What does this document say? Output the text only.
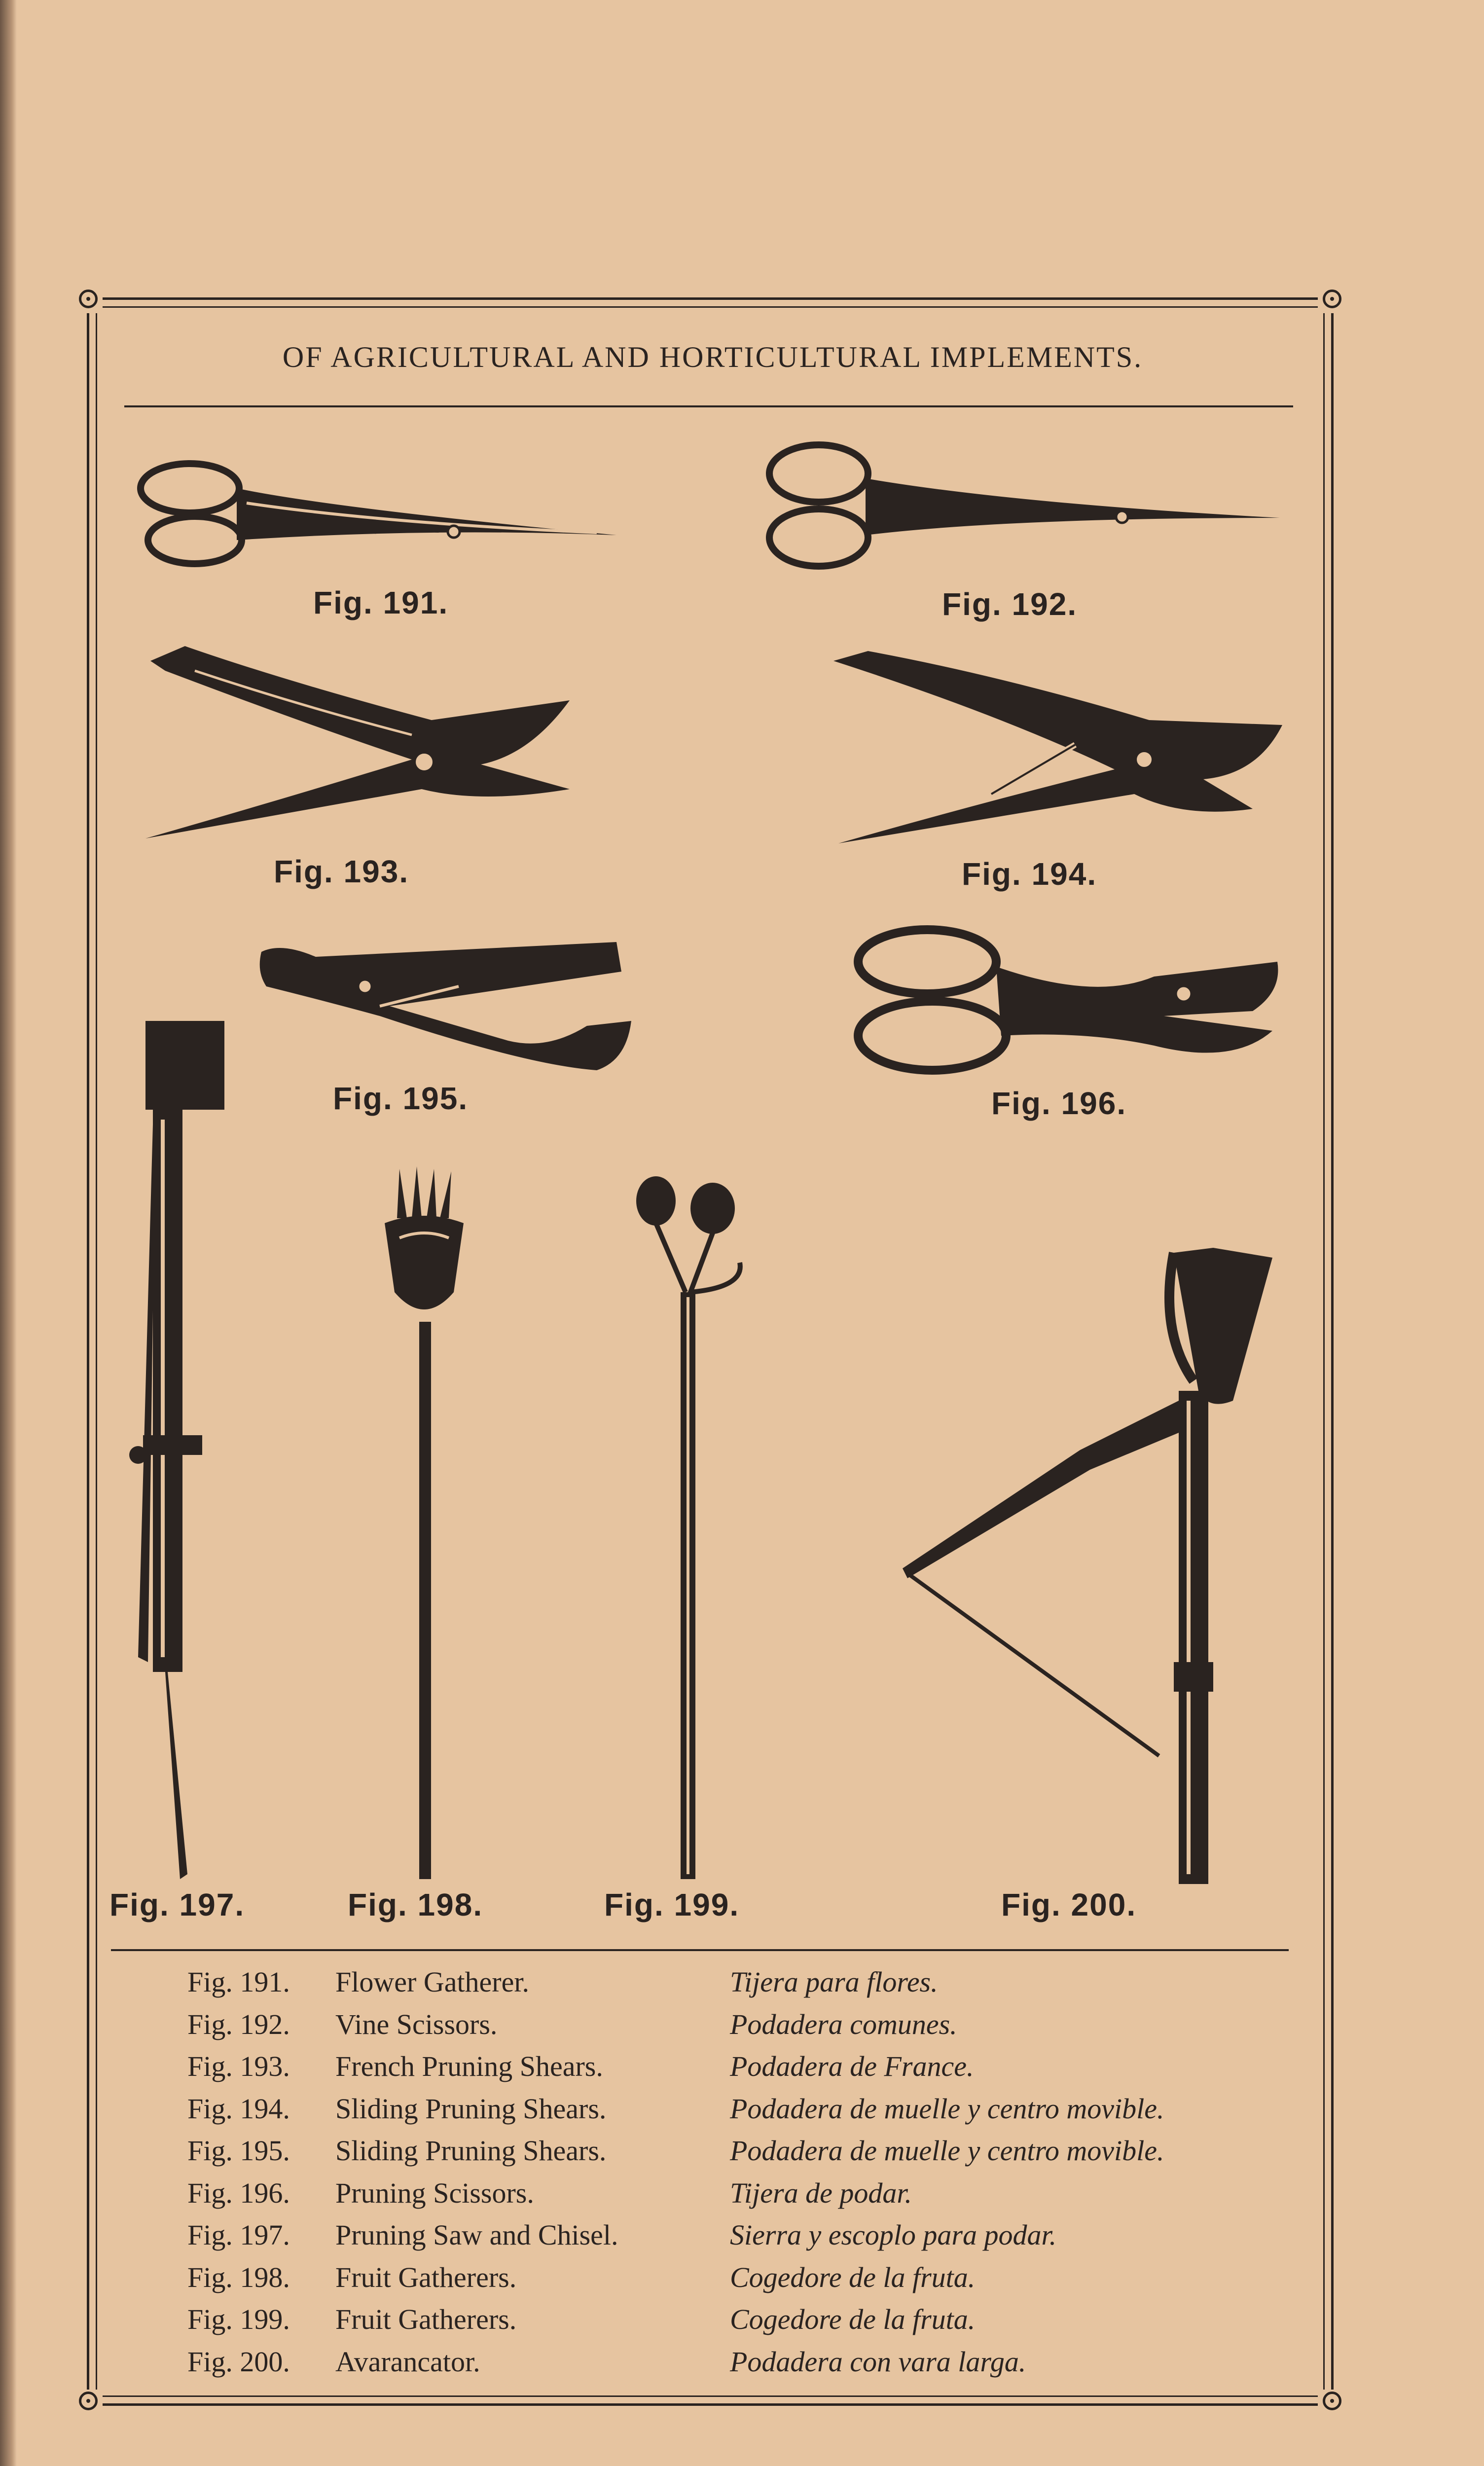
OF AGRICULTURAL AND HORTICULTURAL IMPLEMENTS.
Fig. 191.	Fig. 192.
Fig. 193.	Fig. 194.
Fig. 195.	Fig. 196.
Fig. 197.	Fig. 198.	Fig. 199.	Fig. 200.
Fig. 191. Flower Gatherer.	Tijera para flores.
Fig. 192. Vine Scissors.	Podadera comunes.
Fig. 193. French Pruning Shears.	Podadera de France.
Fig. 194. Sliding Pruning Shears.	Podadera de muelle y centro movible.
Fig. 195. Sliding Pruning Shears.	Podadera de muelle y centro movible.
Fig. 196. Pruning Scissors.	Tijera de podar.
Fig. 197. Pruning Saw and Chisel.	Sierra y escoplo para podar.
Fig. 198. Fruit Gatherers.	Cogedore de la fruta.
Fig. 199. Fruit Gatherers.	Cogedore de la fruta.
Fig. 200. Avarancator.	Podadera con vara larga.
